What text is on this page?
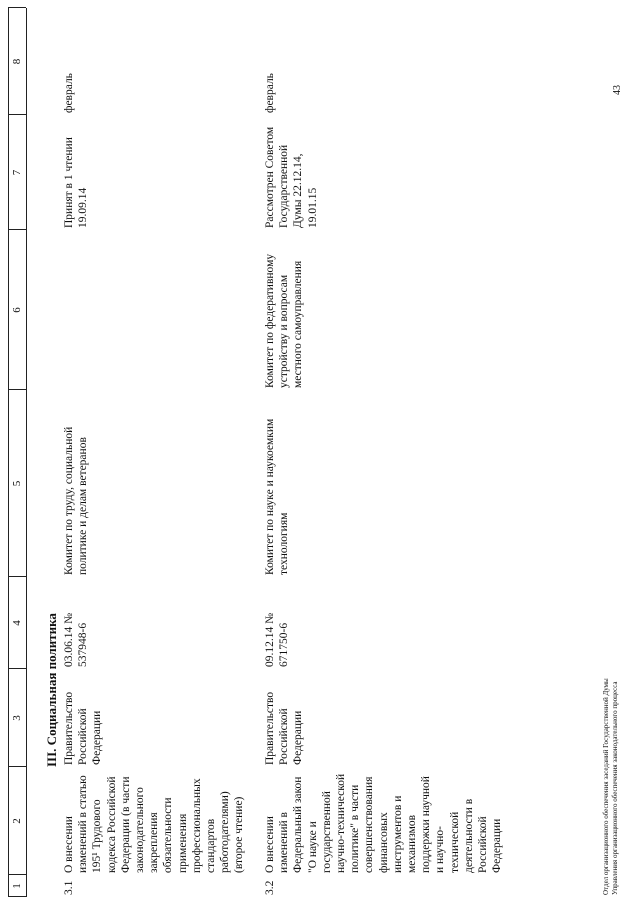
1
2
3
4
5
6
7
8
III. Социальная политика
3.1
О внесении изменений в статью 195¹ Трудового кодекса Российской Федерации (в части законодательного закрепления обязательности применения профессиональных стандартов работодателями) (второе чтение)
Правительство Российской Федерации
03.06.14 № 537948-6
Комитет по труду, социальной политике и делам ветеранов
Принят в 1 чтении 19.09.14
февраль
3.2
О внесении изменений в Федеральный закон "О науке и государственной научно-технической политике" в части совершенствования финансовых инструментов и механизмов поддержки научной и научно-технической деятельности в Российской Федерации
Правительство Российской Федерации
09.12.14 № 671750-6
Комитет по науке и наукоемким технологиям
Комитет по федеративному устройству и вопросам местного самоуправления
Рассмотрен Советом Государственной Думы 22.12.14, 19.01.15
февраль
Отдел организационного обеспечения заседаний Государственной Думы Управления организационного обеспечения законодательного процесса
43
